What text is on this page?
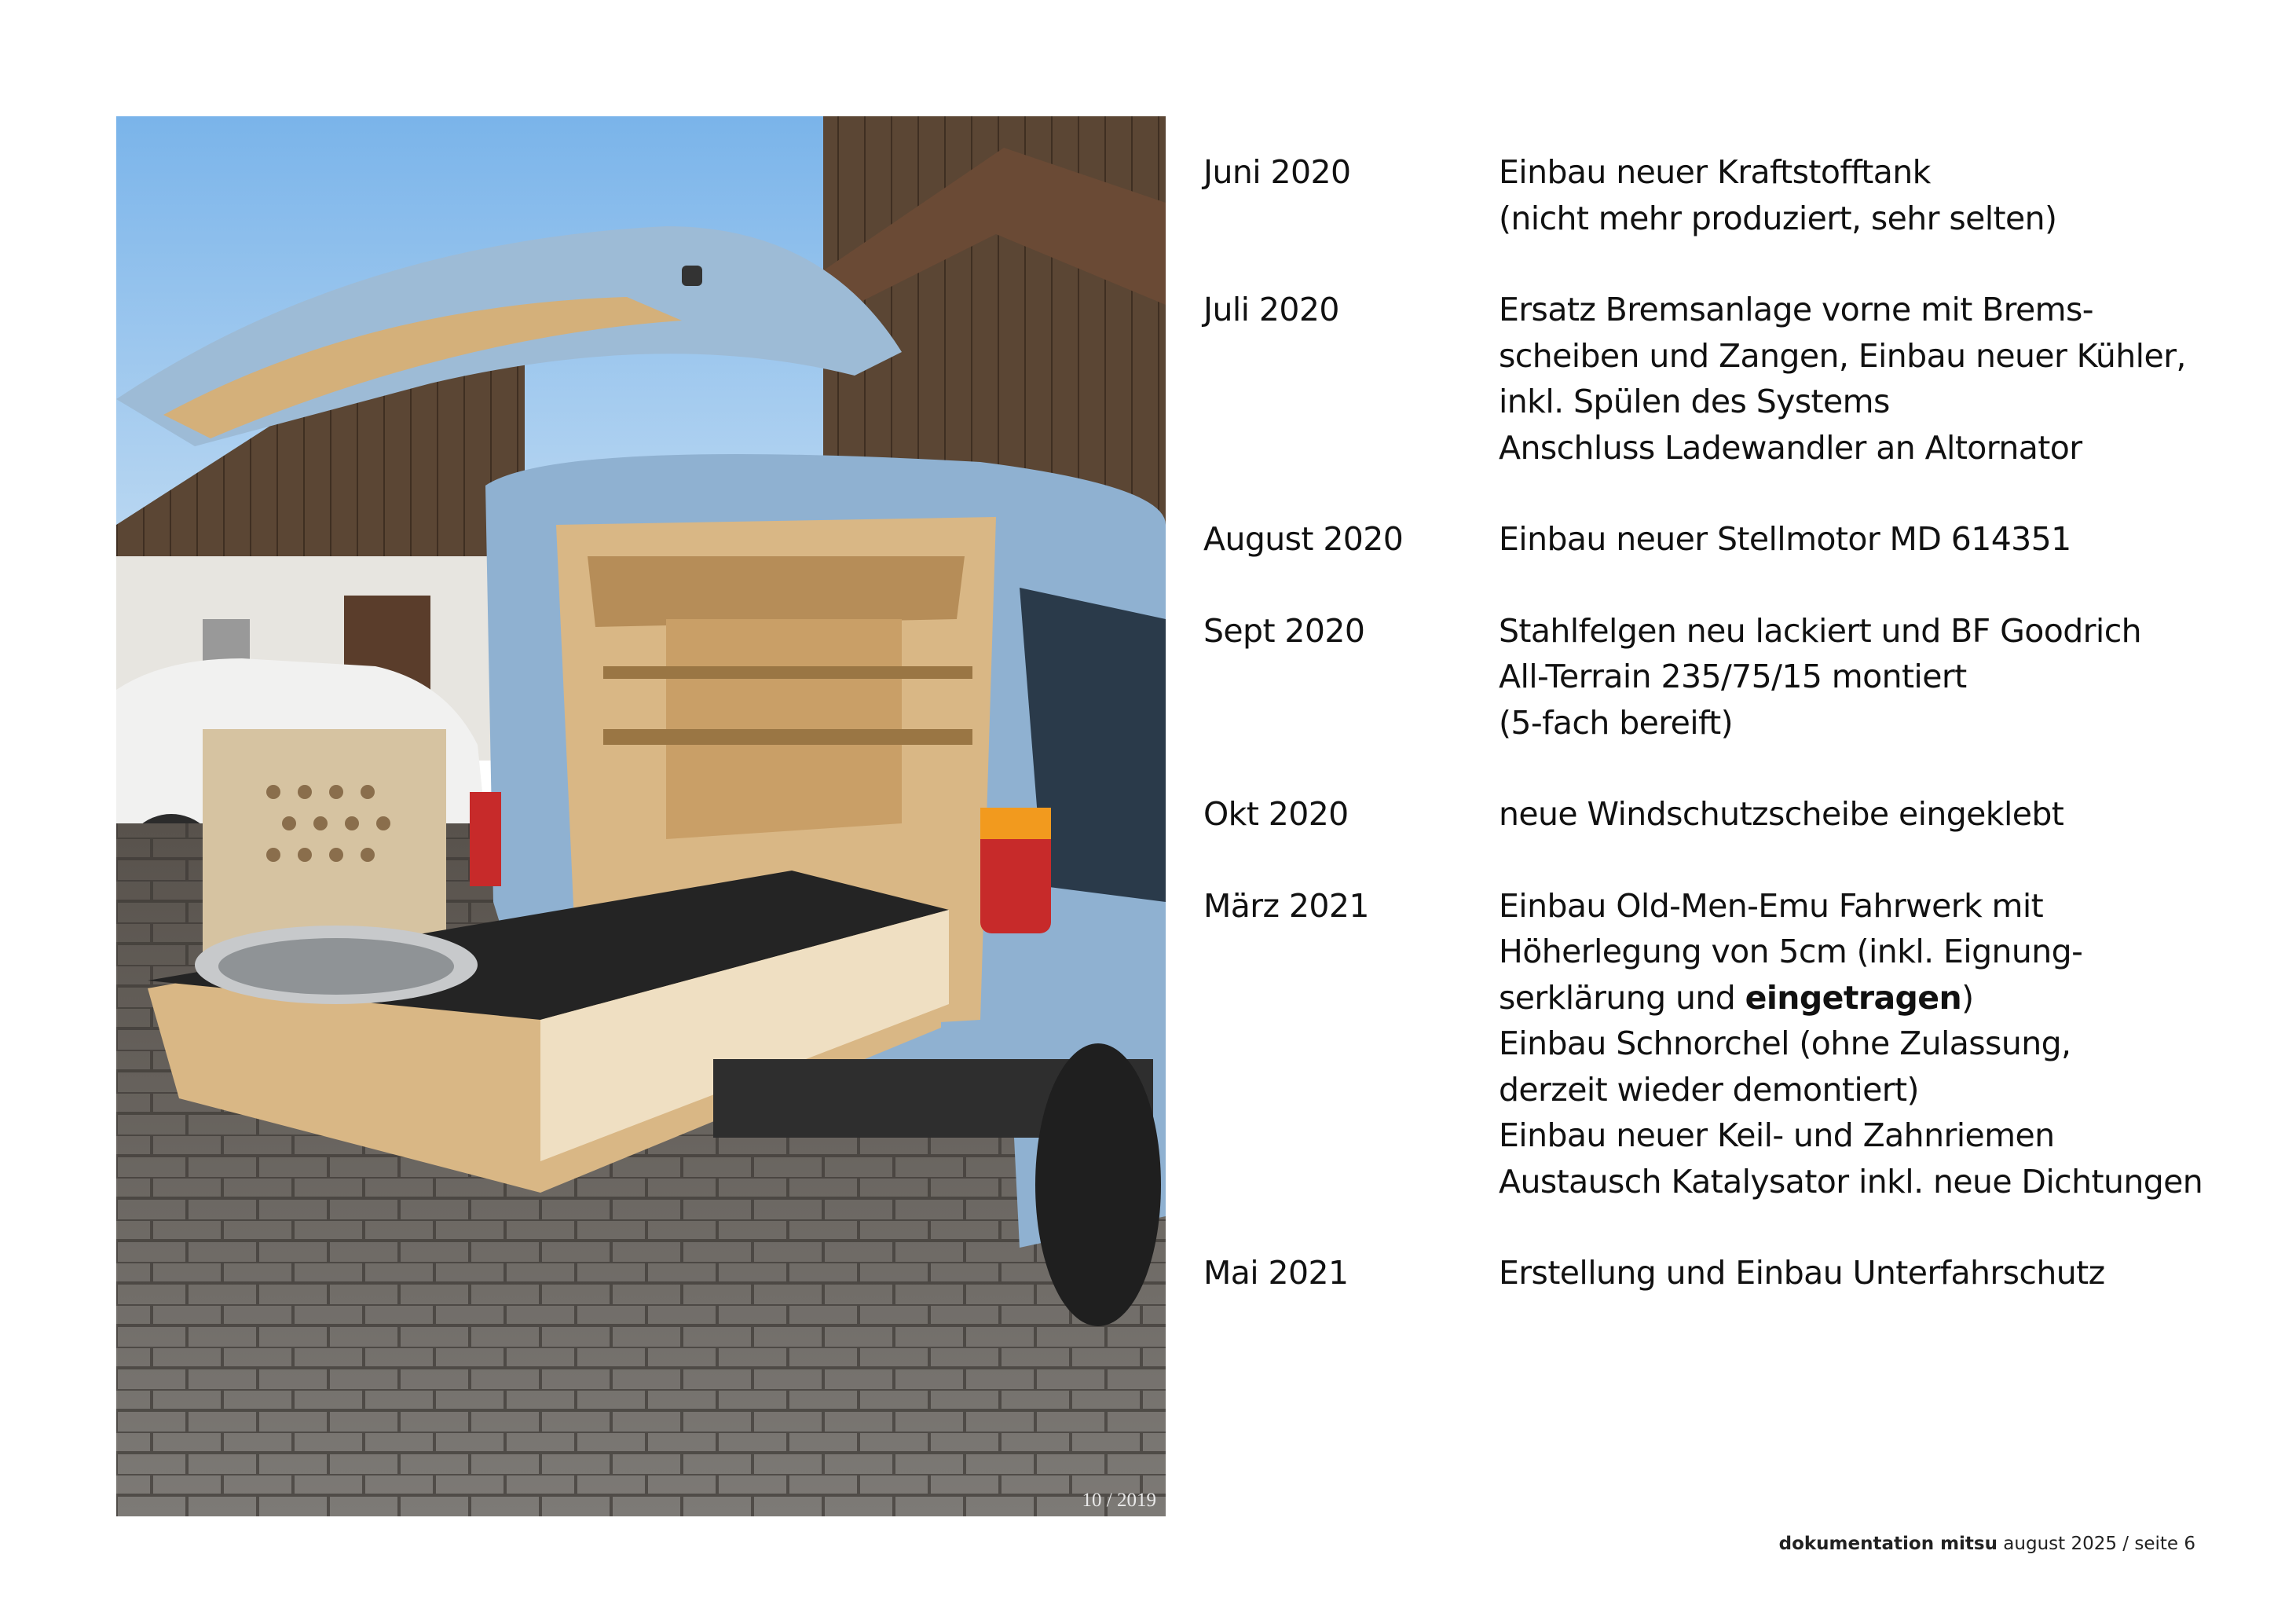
10 / 2019
Juni 2020	Einbau neuer Kraftstofftank
(nicht mehr produziert, sehr selten)
Juli 2020	Ersatz Bremsanlage vorne mit Brems-
scheiben und Zangen, Einbau neuer Kühler,
inkl. Spülen des Systems
Anschluss Ladewandler an Altornator
August 2020	Einbau neuer Stellmotor MD 614351
Sept 2020	Stahlfelgen neu lackiert und BF Goodrich
All-Terrain 235/75/15 montiert
(5-fach bereift)
Okt 2020	neue Windschutzscheibe eingeklebt
März 2021	Einbau Old-Men-Emu Fahrwerk mit
Höherlegung von 5cm (inkl. Eignung-
serklärung und eingetragen)
Einbau Schnorchel (ohne Zulassung,
derzeit wieder demontiert)
Einbau neuer Keil- und Zahnriemen
Austausch Katalysator inkl. neue Dichtungen
Mai 2021	Erstellung und Einbau Unterfahrschutz
dokumentation mitsu august 2025 / seite 6
